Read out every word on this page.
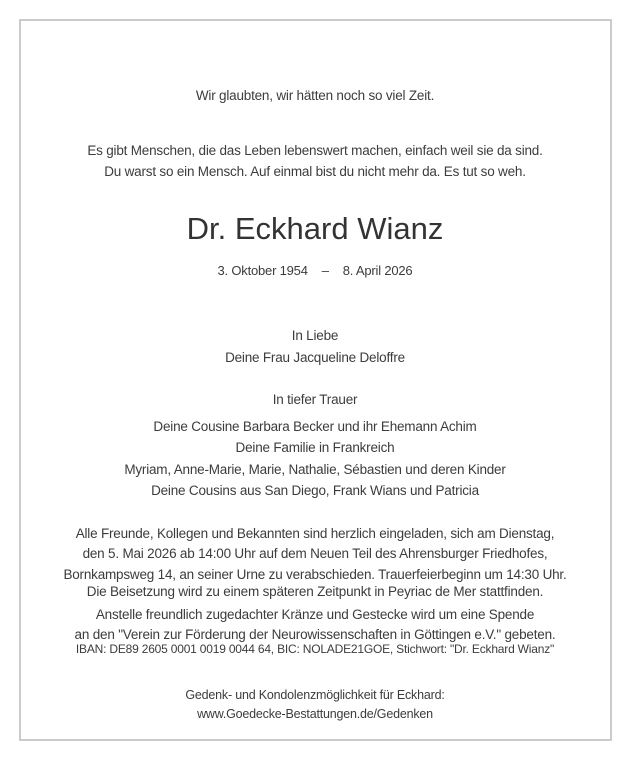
Wir glaubten, wir hätten noch so viel Zeit.
Es gibt Menschen, die das Leben lebenswert machen, einfach weil sie da sind.
Du warst so ein Mensch. Auf einmal bist du nicht mehr da. Es tut so weh.
Dr. Eckhard Wianz
3. Oktober 1954 – 8. April 2026
In Liebe
Deine Frau Jacqueline Deloffre
In tiefer Trauer
Deine Cousine Barbara Becker und ihr Ehemann Achim
Deine Familie in Frankreich
Myriam, Anne-Marie, Marie, Nathalie, Sébastien und deren Kinder
Deine Cousins aus San Diego, Frank Wians und Patricia
Alle Freunde, Kollegen und Bekannten sind herzlich eingeladen, sich am Dienstag,
den 5. Mai 2026 ab 14:00 Uhr auf dem Neuen Teil des Ahrensburger Friedhofes,
Bornkampsweg 14, an seiner Urne zu verabschieden. Trauerfeierbeginn um 14:30 Uhr.
Die Beisetzung wird zu einem späteren Zeitpunkt in Peyriac de Mer stattfinden.
Anstelle freundlich zugedachter Kränze und Gestecke wird um eine Spende
an den "Verein zur Förderung der Neurowissenschaften in Göttingen e.V." gebeten.
IBAN: DE89 2605 0001 0019 0044 64, BIC: NOLADE21GOE, Stichwort: "Dr. Eckhard Wianz"
Gedenk- und Kondolenzmöglichkeit für Eckhard:
www.Goedecke-Bestattungen.de/Gedenken
